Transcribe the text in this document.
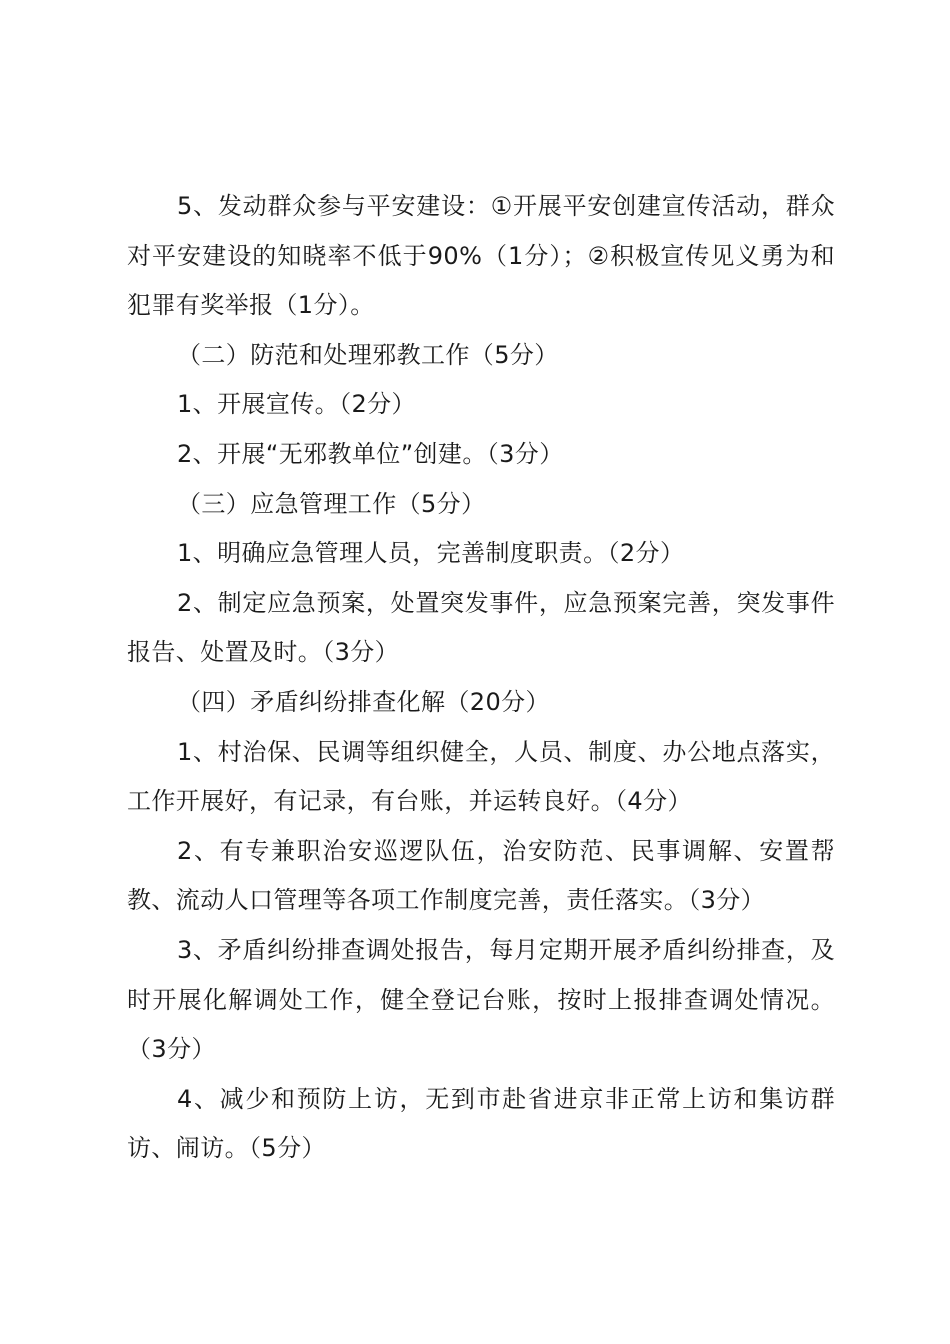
5、发动群众参与平安建设：①开展平安创建宣传活动，群众对平安建设的知晓率不低于90%（1分）；②积极宣传见义勇为和犯罪有奖举报（1分）。

（二）防范和处理邪教工作（5分）

1、开展宣传。（2分）

2、开展“无邪教单位”创建。（3分）

（三）应急管理工作（5分）

1、明确应急管理人员，完善制度职责。（2分）

2、制定应急预案，处置突发事件，应急预案完善，突发事件报告、处置及时。（3分）

（四）矛盾纠纷排查化解（20分）

1、村治保、民调等组织健全，人员、制度、办公地点落实，工作开展好，有记录，有台账，并运转良好。（4分）

2、有专兼职治安巡逻队伍，治安防范、民事调解、安置帮教、流动人口管理等各项工作制度完善，责任落实。（3分）

3、矛盾纠纷排查调处报告，每月定期开展矛盾纠纷排查，及时开展化解调处工作，健全登记台账，按时上报排查调处情况。（3分）

4、减少和预防上访，无到市赴省进京非正常上访和集访群访、闹访。（5分）
